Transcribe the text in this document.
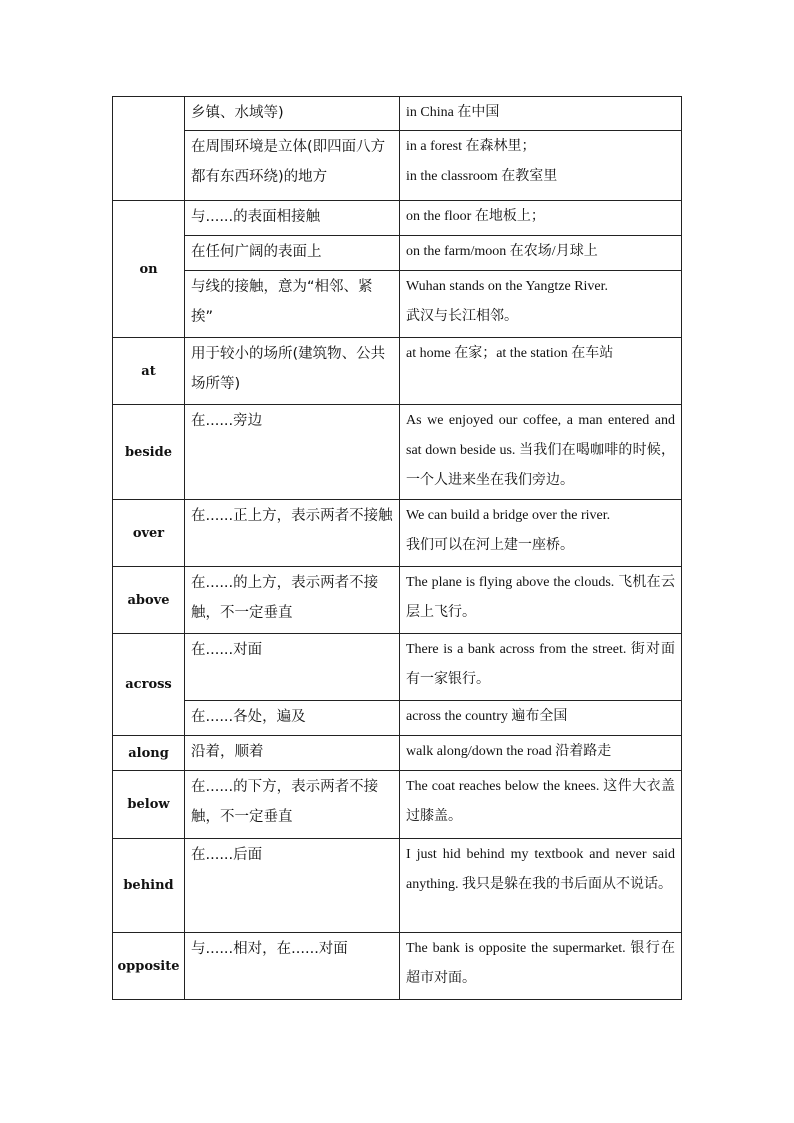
	乡镇、水域等)	in China 在中国
	在周围环境是立体(即四面八方都有东西环绕)的地方	in a forest 在森林里；
in the classroom 在教室里

on	与......的表面相接触	on the floor 在地板上；
	在任何广阔的表面上	on the farm/moon 在农场/月球上
	与线的接触，意为“相邻、紧挨”	Wuhan stands on the Yangtze River.
武汉与长江相邻。

at	用于较小的场所(建筑物、公共场所等)	at home 在家；at the station 在车站
beside	在......旁边	As we enjoyed our coffee, a man entered and sat down beside us. 当我们在喝咖啡的时候，一个人进来坐在我们旁边。
over	在......正上方，表示两者不接触	We can build a bridge over the river.
我们可以在河上建一座桥。

above	在......的上方，表示两者不接触，不一定垂直	The plane is flying above the clouds. 飞机在云层上飞行。
across	在......对面	There is a bank across from the street. 街对面有一家银行。
	在......各处，遍及	across the country 遍布全国
along	沿着，顺着	walk along/down the road 沿着路走
below	在......的下方，表示两者不接触，不一定垂直	The coat reaches below the knees. 这件大衣盖过膝盖。
behind	在......后面	I just hid behind my textbook and never said anything. 我只是躲在我的书后面从不说话。
opposite	与......相对，在......对面	The bank is opposite the supermarket. 银行在超市对面。
